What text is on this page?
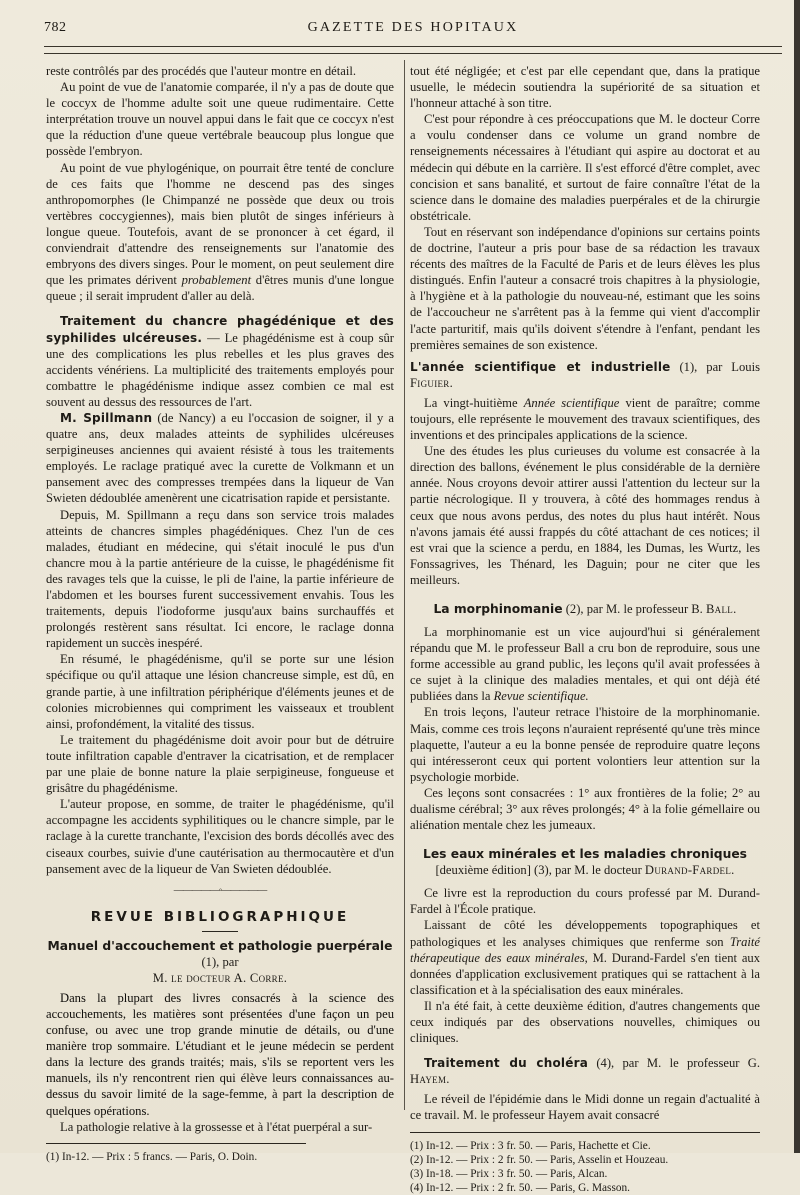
782	GAZETTE DES HOPITAUX

reste contrôlés par des procédés que l'auteur montre en détail.

Au point de vue de l'anatomie comparée, il n'y a pas de doute que le coccyx de l'homme adulte soit une queue rudimentaire. Cette interprétation trouve un nouvel appui dans le fait que ce coccyx n'est que la réduction d'une queue vertébrale beaucoup plus longue que possède l'embryon.

Au point de vue phylogénique, on pourrait être tenté de conclure de ces faits que l'homme ne descend pas des singes anthropomorphes (le Chimpanzé ne possède que deux ou trois vertèbres coccygiennes), mais bien plutôt de singes inférieurs à longue queue. Toutefois, avant de se prononcer à cet égard, il conviendrait d'attendre des renseignements sur l'anatomie des embryons des divers singes. Pour le moment, on peut seulement dire que les primates dérivent probablement d'êtres munis d'une longue queue ; il serait imprudent d'aller au delà.

Traitement du chancre phagédénique et des syphilides ulcéreuses. — Le phagédénisme est à coup sûr une des complications les plus rebelles et les plus graves des accidents vénériens. La multiplicité des traitements employés pour combattre le phagédénisme indique assez combien ce mal est souvent au dessus des ressources de l'art.

M. Spillmann (de Nancy) a eu l'occasion de soigner, il y a quatre ans, deux malades atteints de syphilides ulcéreuses serpigineuses anciennes qui avaient résisté à tous les traitements employés. Le raclage pratiqué avec la curette de Volkmann et un pansement avec des compresses trempées dans la liqueur de Van Swieten dédoublée amenèrent une cicatrisation rapide et persistante.

Depuis, M. Spillmann a reçu dans son service trois malades atteints de chancres simples phagédéniques. Chez l'un de ces malades, étudiant en médecine, qui s'était inoculé le pus d'un chancre mou à la partie antérieure de la cuisse, le phagédénisme fit des ravages tels que la cuisse, le pli de l'aine, la partie inférieure de l'abdomen et les bourses furent successivement envahis. Tous les traitements, depuis l'iodoforme jusqu'aux bains surchauffés et prolongés restèrent sans résultat. Ici encore, le raclage donna rapidement un succès inespéré.

En résumé, le phagédénisme, qu'il se porte sur une lésion spécifique ou qu'il attaque une lésion chancreuse simple, est dû, en grande partie, à une infiltration périphérique d'éléments jeunes et de colonies microbiennes qui compriment les vaisseaux et troublent ainsi, profondément, la vitalité des tissus.

Le traitement du phagédénisme doit avoir pour but de détruire toute infiltration capable d'entraver la cicatrisation, et de remplacer par une plaie de bonne nature la plaie serpigineuse, fongueuse et grisâtre du phagédénisme.

L'auteur propose, en somme, de traiter le phagédénisme, qu'il accompagne les accidents syphilitiques ou le chancre simple, par le raclage à la curette tranchante, l'excision des bords décollés avec des ciseaux courbes, suivie d'une cautérisation au thermocautère et d'un pansement avec de la liqueur de Van Swieten dédoublée.

—————◦—————
REVUE BIBLIOGRAPHIQUE
Manuel d'accouchement et pathologie puerpérale (1), par
M. le docteur A. Corre.

Dans la plupart des livres consacrés à la science des accouchements, les matières sont présentées d'une façon un peu confuse, ou avec une trop grande minutie de détails, ou d'une manière trop sommaire. L'étudiant et le jeune médecin se perdent dans la lecture des grands traités; mais, s'ils se reportent vers les manuels, ils n'y rencontrent rien qui élève leurs connaissances au-dessus du savoir limité de la sage-femme, à part la description de quelques opérations.

La pathologie relative à la grossesse et à l'état puerpéral a sur-

(1) In-12. — Prix : 5 francs. — Paris, O. Doin.

tout été négligée; et c'est par elle cependant que, dans la pratique usuelle, le médecin soutiendra la supériorité de sa situation et l'honneur attaché à son titre.

C'est pour répondre à ces préoccupations que M. le docteur Corre a voulu condenser dans ce volume un grand nombre de renseignements nécessaires à l'étudiant qui aspire au doctorat et au médecin qui débute en la carrière. Il s'est efforcé d'être complet, avec concision et sans banalité, et surtout de faire connaître l'état de la science dans le domaine des maladies puerpérales et de la chirurgie obstétricale.

Tout en réservant son indépendance d'opinions sur certains points de doctrine, l'auteur a pris pour base de sa rédaction les travaux récents des maîtres de la Faculté de Paris et de leurs élèves les plus distingués. Enfin l'auteur a consacré trois chapitres à la physiologie, à l'hygiène et à la pathologie du nouveau-né, estimant que les soins de l'accoucheur ne s'arrêtent pas à la femme qui vient d'accomplir l'acte parturitif, mais qu'ils doivent s'étendre à l'enfant, pendant les premières semaines de son existence.

L'année scientifique et industrielle (1), par Louis Figuier.

La vingt-huitième Année scientifique vient de paraître; comme toujours, elle représente le mouvement des travaux scientifiques, des inventions et des principales applications de la science.

Une des études les plus curieuses du volume est consacrée à la direction des ballons, événement le plus considérable de la dernière année. Nous croyons devoir attirer aussi l'attention du lecteur sur la partie nécrologique. Il y trouvera, à côté des hommages rendus à ceux que nous avons perdus, des notes du plus haut intérêt. Nous n'avons jamais été aussi frappés du côté attachant de ces notices; il est vrai que la science a perdu, en 1884, les Dumas, les Wurtz, les Fonssagrives, les Thénard, les Daguin; pour ne citer que les meilleurs.

La morphinomanie (2), par M. le professeur B. Ball.

La morphinomanie est un vice aujourd'hui si généralement répandu que M. le professeur Ball a cru bon de reproduire, sous une forme accessible au grand public, les leçons qu'il avait professées à ce sujet à la clinique des maladies mentales, et qui ont déjà été publiées dans la Revue scientifique.

En trois leçons, l'auteur retrace l'histoire de la morphinomanie. Mais, comme ces trois leçons n'auraient représenté qu'une très mince plaquette, l'auteur a eu la bonne pensée de reproduire quatre leçons qui intéresseront ceux qui portent volontiers leur attention sur la psychologie morbide.

Ces leçons sont consacrées : 1° aux frontières de la folie; 2° au dualisme cérébral; 3° aux rêves prolongés; 4° à la folie gémellaire ou aliénation mentale chez les jumeaux.

Les eaux minérales et les maladies chroniques [deuxième édition] (3), par M. le docteur Durand-Fardel.

Ce livre est la reproduction du cours professé par M. Durand-Fardel à l'École pratique.

Laissant de côté les développements topographiques et pathologiques et les analyses chimiques que renferme son Traité thérapeutique des eaux minérales, M. Durand-Fardel s'en tient aux données d'application exclusivement pratiques qui se rattachent à la classification et à la spécialisation des eaux minérales.

Il n'a été fait, à cette deuxième édition, d'autres changements que ceux indiqués par des observations nouvelles, chimiques ou cliniques.

Traitement du choléra (4), par M. le professeur G. Hayem.

Le réveil de l'épidémie dans le Midi donne un regain d'actualité à ce travail. M. le professeur Hayem avait consacré

(1) In-12. — Prix : 3 fr. 50. — Paris, Hachette et Cie.

(2) In-12. — Prix : 2 fr. 50. — Paris, Asselin et Houzeau.

(3) In-18. — Prix : 3 fr. 50. — Paris, Alcan.

(4) In-12. — Prix : 2 fr. 50. — Paris, G. Masson.
